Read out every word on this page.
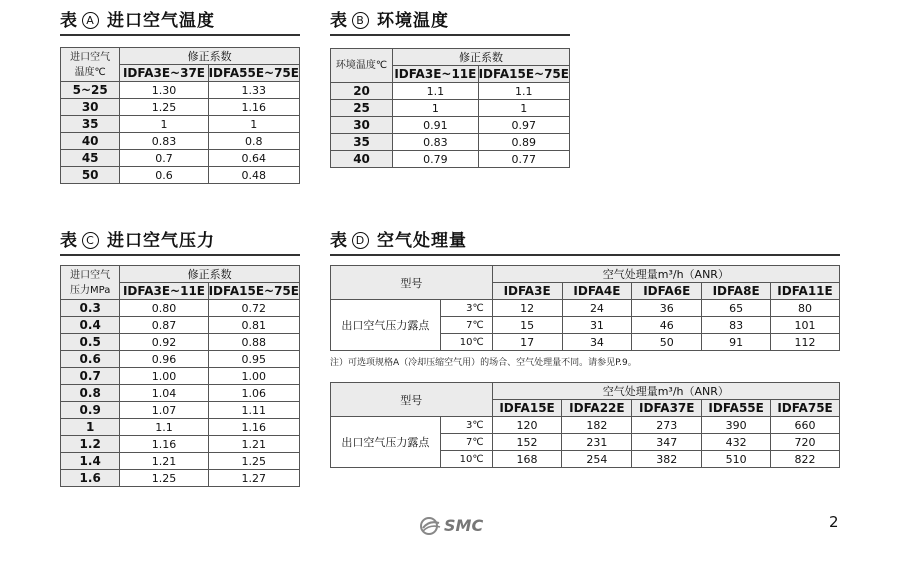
表 A 进口空气温度
进口空气
温度℃	修正系数	
	IDFA3E~37E	IDFA55E~75E
5~25	1.30	1.33
30	1.25	1.16
35	1	1
40	0.83	0.8
45	0.7	0.64
50	0.6	0.48
表 B 环境温度
环境温度℃	修正系数	
	IDFA3E~11E	IDFA15E~75E
20	1.1	1.1
25	1	1
30	0.91	0.97
35	0.83	0.89
40	0.79	0.77
表 C 进口空气压力
进口空气
压力MPa	修正系数	
	IDFA3E~11E	IDFA15E~75E
0.3	0.80	0.72
0.4	0.87	0.81
0.5	0.92	0.88
0.6	0.96	0.95
0.7	1.00	1.00
0.8	1.04	1.06
0.9	1.07	1.11
1	1.1	1.16
1.2	1.16	1.21
1.4	1.21	1.25
1.6	1.25	1.27
表 D 空气处理量
型号		空气处理量m³/h（ANR）				
		IDFA3E	IDFA4E	IDFA6E	IDFA8E	IDFA11E
出口空气压力露点	3℃	12	24	36	65	80
	7℃	15	31	46	83	101
	10℃	17	34	50	91	112
注）可选项规格A（冷却压缩空气用）的场合、空气处理量不同。请参见P.9。
型号		空气处理量m³/h（ANR）				
		IDFA15E	IDFA22E	IDFA37E	IDFA55E	IDFA75E
出口空气压力露点	3℃	120	182	273	390	660
	7℃	152	231	347	432	720
	10℃	168	254	382	510	822
SMC	2
